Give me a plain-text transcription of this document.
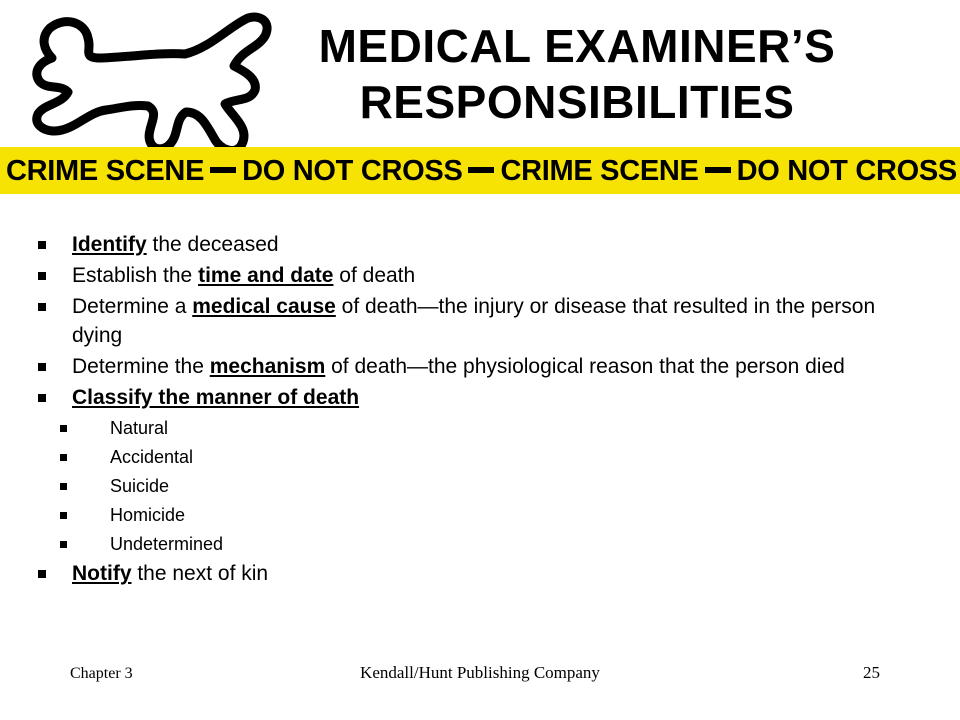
MEDICAL EXAMINER’S
RESPONSIBILITIES
CRIME SCENE DO NOT CROSS CRIME SCENE DO NOT CROSS
Identify the deceased
Establish the time and date of death
Determine a medical cause of death—the injury or disease that resulted in the person dying
Determine the mechanism of death—the physiological reason that the person died
Classify the manner of death
Natural
Accidental
Suicide
Homicide
Undetermined
Notify the next of kin
Chapter 3	Kendall/Hunt Publishing Company	25
